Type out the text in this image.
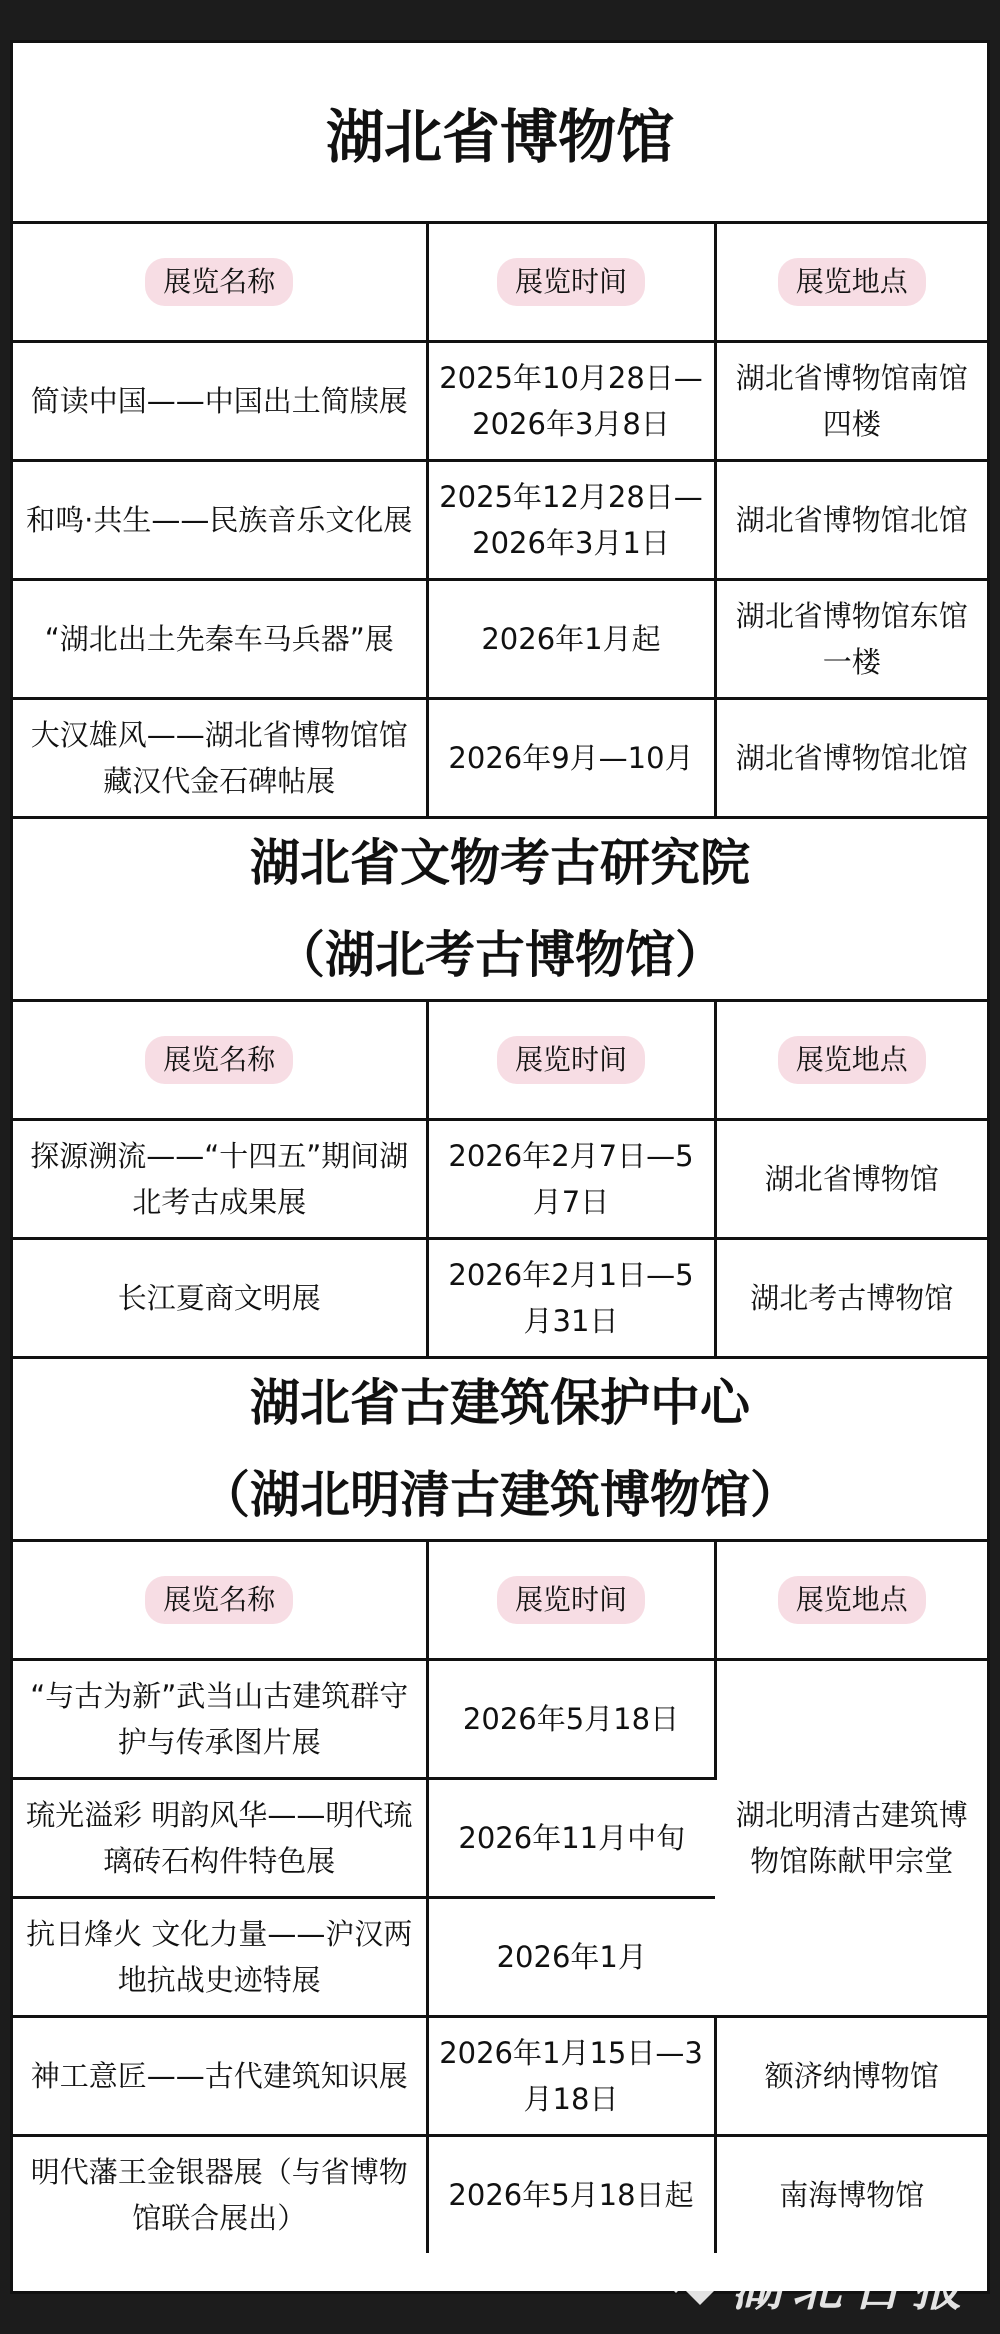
湖北省博物馆
展览名称	展览时间	展览地点
简读中国——中国出土简牍展	2025年10月28日—2026年3月8日	湖北省博物馆南馆四楼
和鸣·共生——民族音乐文化展	2025年12月28日—2026年3月1日	湖北省博物馆北馆
“湖北出土先秦车马兵器”展	2026年1月起	湖北省博物馆东馆一楼
大汉雄风——湖北省博物馆馆藏汉代金石碑帖展	2026年9月—10月	湖北省博物馆北馆
湖北省文物考古研究院
（湖北考古博物馆）
展览名称	展览时间	展览地点
探源溯流——“十四五”期间湖北考古成果展	2026年2月7日—5月7日	湖北省博物馆
长江夏商文明展	2026年2月1日—5月31日	湖北考古博物馆
湖北省古建筑保护中心
（湖北明清古建筑博物馆）
展览名称	展览时间	展览地点
“与古为新”武当山古建筑群守护与传承图片展	2026年5月18日	湖北明清古建筑博物馆陈献甲宗堂
琉光溢彩 明韵风华——明代琉璃砖石构件特色展	2026年11月中旬	
抗日烽火 文化力量——沪汉两地抗战史迹特展	2026年1月	
神工意匠——古代建筑知识展	2026年1月15日—3月18日	额济纳博物馆
明代藩王金银器展（与省博物馆联合展出）	2026年5月18日起	南海博物馆
湖北日报
